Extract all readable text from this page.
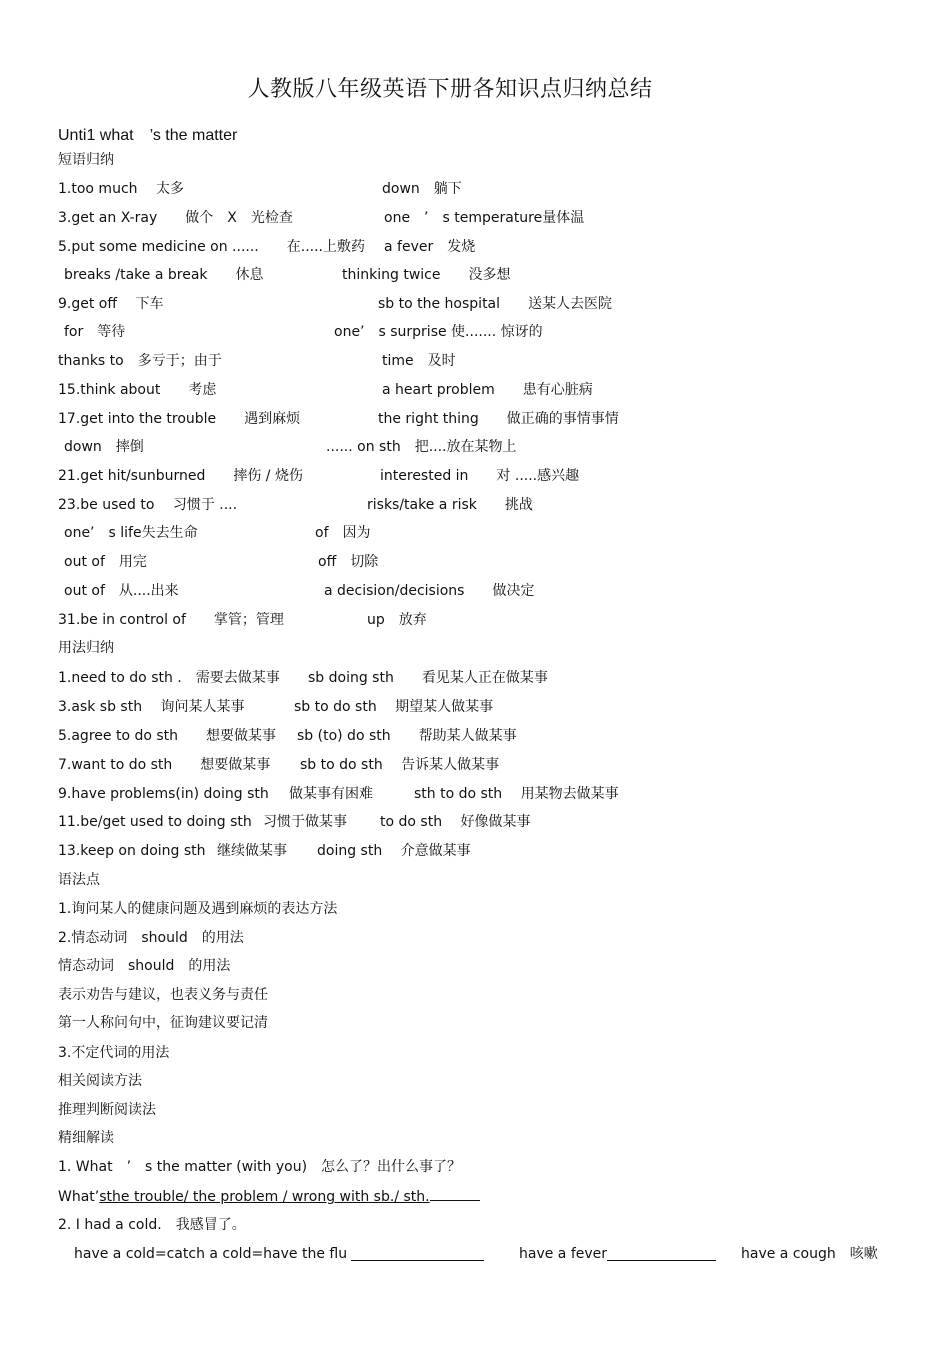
人教版八年级英语下册各知识点归纳总结
Unti1 what　’s the matter
短语归纳
1.too much　 太多	down　躺下
3.get an X-ray　　做个　X　光检查	one　’　s temperature量体温
5.put some medicine on ......　　在.....上敷药 a fever　发烧
breaks /take a break　　休息	thinking twice　　没多想
9.get off　 下车	sb to the hospital　　送某人去医院
for　等待	one’　s surprise 使....... 惊讶的
thanks to　多亏于；由于	time　及时
15.think about　　考虑	a heart problem　　患有心脏病
17.get into the trouble　　遇到麻烦	the right thing　　做正确的事情事情
down　摔倒	...... on sth　把....放在某物上
21.get hit/sunburned　　摔伤 / 烧伤	interested in　　对 .....感兴趣
23.be used to　 习惯于 ....	risks/take a risk　　挑战
one’　s life失去生命	of　因为
out of　用完	off　切除
out of　从....出来	a decision/decisions　　做决定
31.be in control of　　掌管；管理	up　放弃
用法归纳
1.need to do sth .　需要去做某事 sb doing sth　　看见某人正在做某事
3.ask sb sth　 询问某人某事	sb to do sth　 期望某人做某事
5.agree to do sth　　想要做某事 sb (to) do sth　　帮助某人做某事
7.want to do sth　　想要做某事 sb to do sth　 告诉某人做某事
9.have problems(in) doing sth 做某事有困难	sth to do sth　 用某物去做某事
11.be/get used to doing sth 习惯于做某事 to do sth　 好像做某事
13.keep on doing sth 继续做某事 doing sth　 介意做某事
语法点
1.询问某人的健康问题及遇到麻烦的表达方法
2.情态动词　should　的用法
情态动词　should　的用法
表示劝告与建议，也表义务与责任
第一人称问句中，征询建议要记清
3.不定代词的用法
相关阅读方法
推理判断阅读法
精细解读
1. What　’　s the matter (with you)　怎么了？出什么事了？
What’sthe trouble/ the problem / wrong with sb./ sth.
2. I had a cold.　我感冒了。
have a cold=catch a cold=have the flu	have a fever	have a cough　咳嗽
